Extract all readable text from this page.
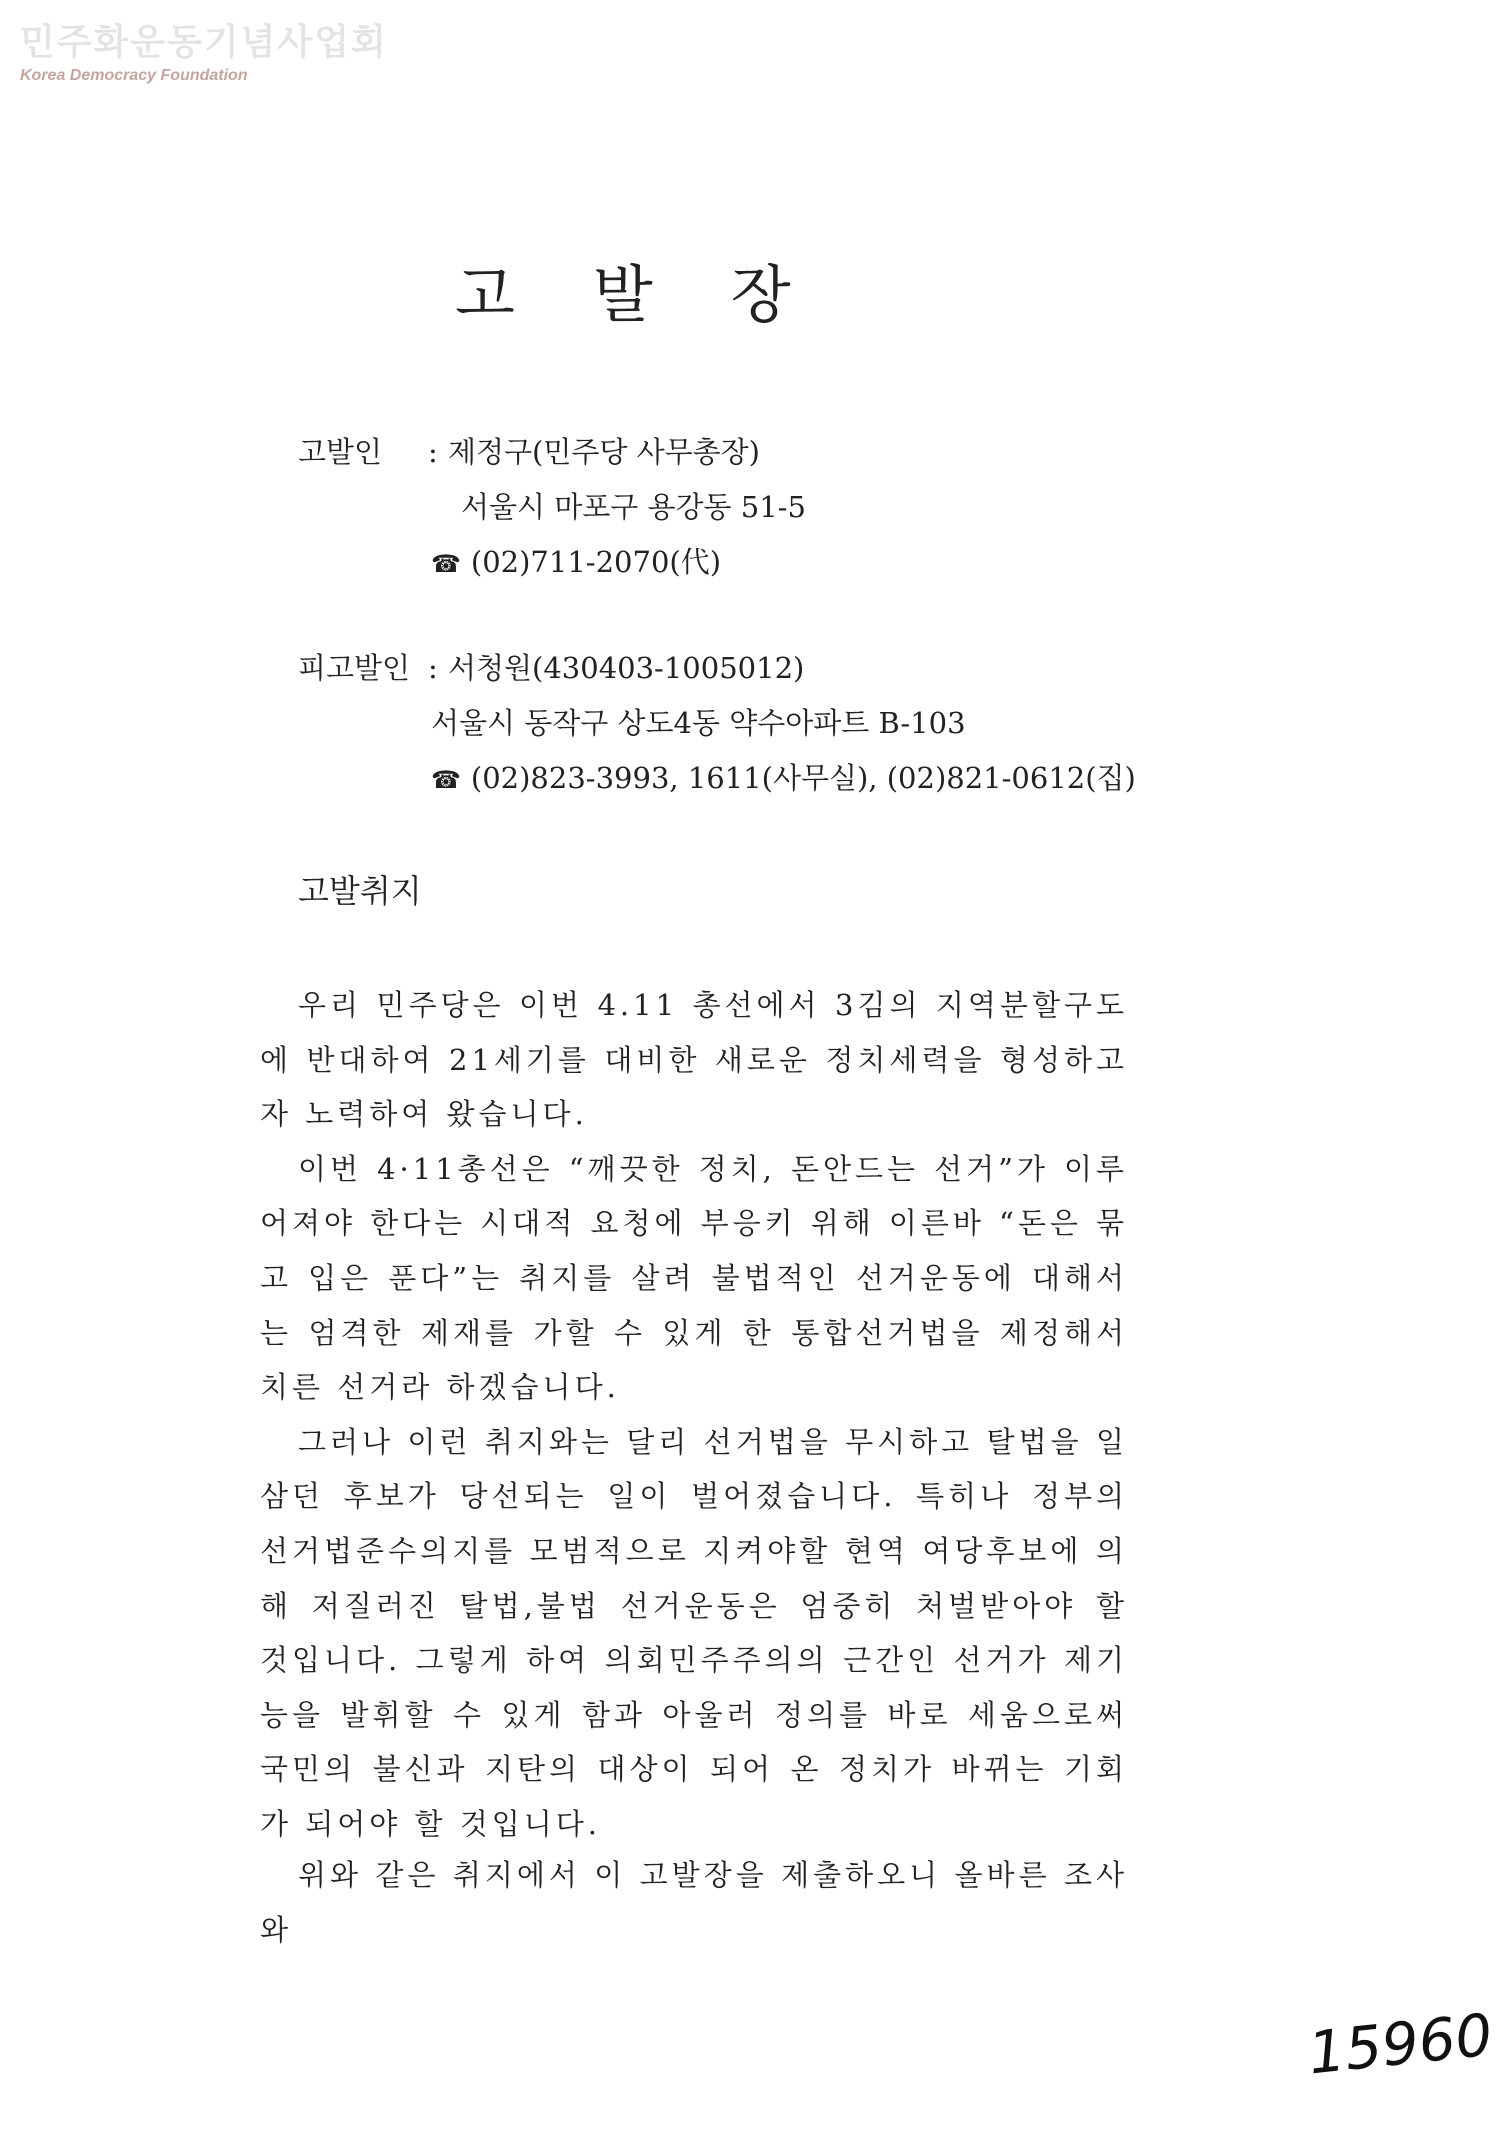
민주화운동기념사업회
Korea Democracy Foundation
고발장
고발인 : 제정구(민주당 사무총장)
서울시 마포구 용강동 51-5
☎ (02)711-2070(代)
피고발인 : 서청원(430403-1005012)
서울시 동작구 상도4동 약수아파트 B-103
☎ (02)823-3993, 1611(사무실), (02)821-0612(집)
고발취지

우리 민주당은 이번 4.11 총선에서 3김의 지역분할구도에 반대하여 21세기를 대비한 새로운 정치세력을 형성하고자 노력하여 왔습니다.

이번 4·11총선은 “깨끗한 정치, 돈안드는 선거”가 이루어져야 한다는 시대적 요청에 부응키 위해 이른바 “돈은 묶고 입은 푼다”는 취지를 살려 불법적인 선거운동에 대해서는 엄격한 제재를 가할 수 있게 한 통합선거법을 제정해서 치른 선거라 하겠습니다.

그러나 이런 취지와는 달리 선거법을 무시하고 탈법을 일삼던 후보가 당선되는 일이 벌어졌습니다. 특히나 정부의 선거법준수의지를 모범적으로 지켜야할 현역 여당후보에 의해 저질러진 탈법,불법 선거운동은 엄중히 처벌받아야 할 것입니다. 그렇게 하여 의회민주주의의 근간인 선거가 제기능을 발휘할 수 있게 함과 아울러 정의를 바로 세움으로써 국민의 불신과 지탄의 대상이 되어 온 정치가 바뀌는 기회가 되어야 할 것입니다.

위와 같은 취지에서 이 고발장을 제출하오니 올바른 조사와
15960
